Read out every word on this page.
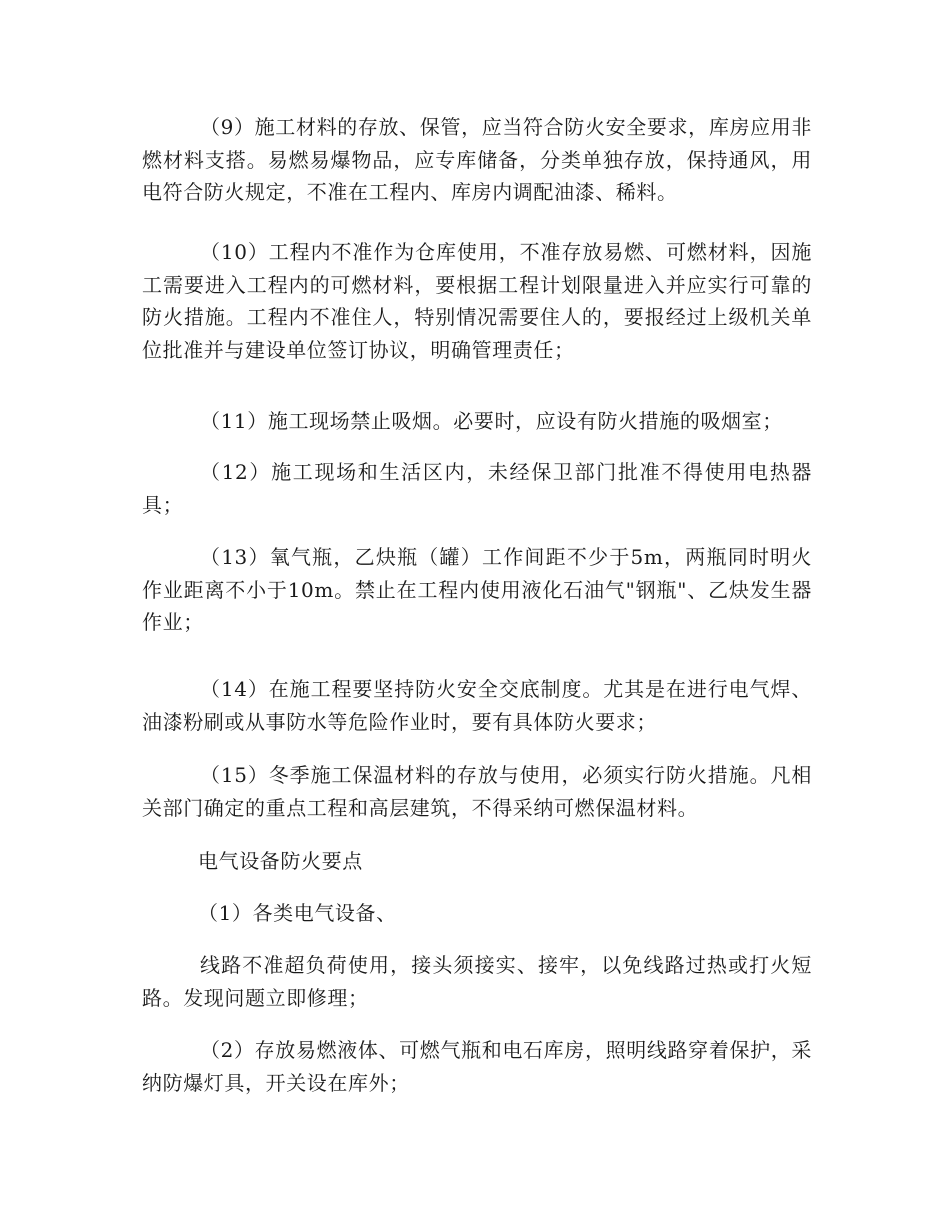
（9）施工材料的存放、保管，应当符合防火安全要求，库房应用非燃材料支搭。易燃易爆物品，应专库储备，分类单独存放，保持通风，用电符合防火规定，不准在工程内、库房内调配油漆、稀料。

（10）工程内不准作为仓库使用，不准存放易燃、可燃材料，因施工需要进入工程内的可燃材料，要根据工程计划限量进入并应实行可靠的防火措施。工程内不准住人，特别情况需要住人的，要报经过上级机关单位批准并与建设单位签订协议，明确管理责任；

（11）施工现场禁止吸烟。必要时，应设有防火措施的吸烟室；

（12）施工现场和生活区内，未经保卫部门批准不得使用电热器具；

（13）氧气瓶，乙炔瓶（罐）工作间距不少于5m，两瓶同时明火作业距离不小于10m。禁止在工程内使用液化石油气"钢瓶"、乙炔发生器作业；

（14）在施工程要坚持防火安全交底制度。尤其是在进行电气焊、油漆粉刷或从事防水等危险作业时，要有具体防火要求；

（15）冬季施工保温材料的存放与使用，必须实行防火措施。凡相关部门确定的重点工程和高层建筑，不得采纳可燃保温材料。

电气设备防火要点

（1）各类电气设备、

线路不准超负荷使用，接头须接实、接牢，以免线路过热或打火短路。发现问题立即修理；

（2）存放易燃液体、可燃气瓶和电石库房，照明线路穿着保护，采纳防爆灯具，开关设在库外；
